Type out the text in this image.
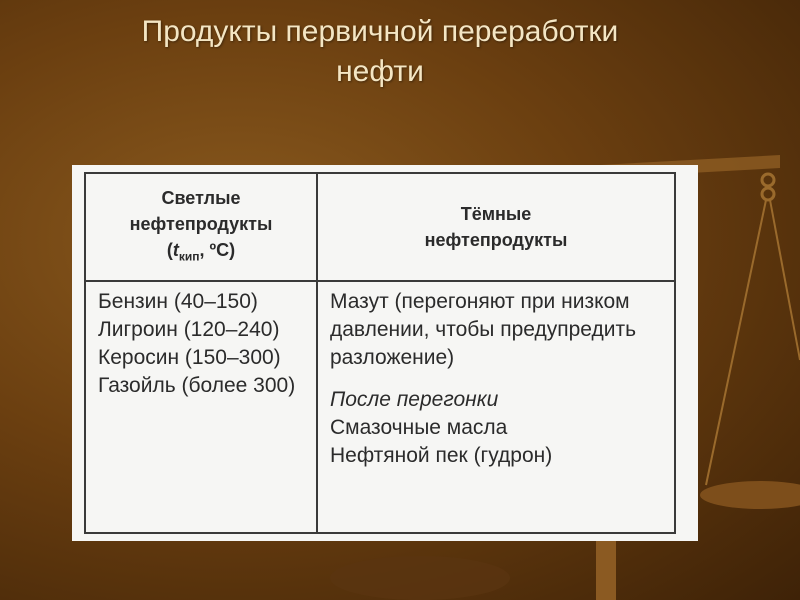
Продукты первичной переработки
нефти
Светлые
нефтепродукты
($t_{кип}$, ºС)
Тёмные
нефтепродукты
Бензин (40–150)
Лигроин (120–240)
Керосин (150–300)
Газойль (более 300)
Мазут (перегоняют при низком
давлении, чтобы предупредить
разложение)
После перегонки
Смазочные масла
Нефтяной пек (гудрон)
